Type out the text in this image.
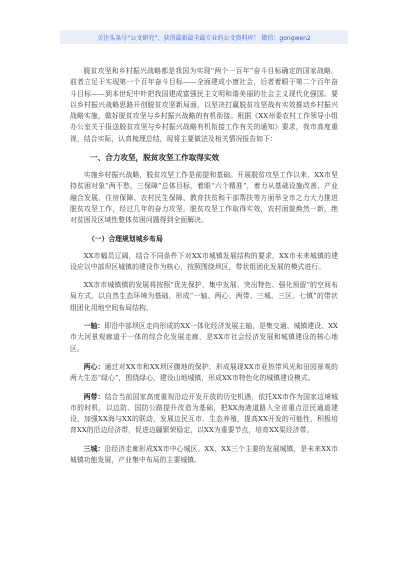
关注头条号“公文研究”，获得最新最全最专业的公文资料库！ 微信：gongwen2

脱贫攻坚和乡村振兴战略都是我国为实现“两个一百年”奋斗目标确定的国家战略。前者立足于实现第一个百年奋斗目标——全面建成小康社会，后者着眼于第二个百年奋斗目标——到本世纪中叶把我国建成富强民主文明和谐美丽的社会主义现代化强国。要以乡村振兴战略思路开创脱贫攻坚新局面，以坚决打赢脱贫攻坚战有实效推动乡村振兴战略实施，做好脱贫攻坚与乡村振兴战略的有机衔接。根据《XX州委农村工作领导小组办公室关于报送脱贫攻坚与乡村振兴战略有机衔接工作有关的通知》要求，我市高度重视，结合实际，认真梳理总结，现将主要做法及相关情况报告如下：

一、合力攻坚，脱贫攻坚工作取得实效

实施乡村振兴战略，脱贫攻坚工作是前提和基础。开展脱贫攻坚工作以来，XX市坚持贫困对象“两不愁，三保障”总体目标，着眼“六个精准”，着力从基础设施改善、产业融合发展、住房保障、农村民生保障、教育扶贫和干部帮扶等方面举全市之力大力推进脱贫攻坚工作，经过几年的奋力攻坚，脱贫攻坚工作取得实效，农村面貌焕然一新，绝对贫困及区域性整体贫困问题得到全面解决。

（一）合理规划城乡布局

XX市幅员辽阔，结合不同条件下对XX市城镇发展结构的要求，XX市未来城镇的建设应以中部坝区城镇的建设作为核心，按照围绕坝区，带状组团化发展的模式进行。

XX市市城镇镇的发展将按照“优先保护、集中发展、突出特色、强化预留”的空间布局方式，以自然生态环境为基础，形成“一轴、两心、两带、三城、三区、七镇”的带状组团化用地空间布局结构。

一轴：即沿中部坝区走向形成的XX一体化经济发展主轴，是集交通、城镇建设、XX市大河景观廊道于一体的综合化发展走廊，是XX市社会经济发展和城镇建设的核心地区。

两心：通过对XX市和XX坝区腹地的保护，形成展现XX市亚热带风光和田园景观的两大生态“绿心”，围绕绿心，建设山地城镇，形成XX市特色化的城镇建设模式。

两带：结合当前国家高度重视沿边开发开放的历史机遇，依托XX市作为国家边境城市的时机，以边防、国防公路提升改造为基础，把XX海港道路入全省重点沿民通道建设，加强XX海与XX的联动，发展边民互市、生态养殖，提高XX开发的可能性，积极培育XX的沿边经济带，促进边疆繁荣稳定，以XX为重要节点，培育XX渠经济带。

三城：沿经济走廊形成XX市中心城区、XX、XX三个主要的发展城镇，是未来XX市城镇功能发展，产业集中布局的主要城镇。
